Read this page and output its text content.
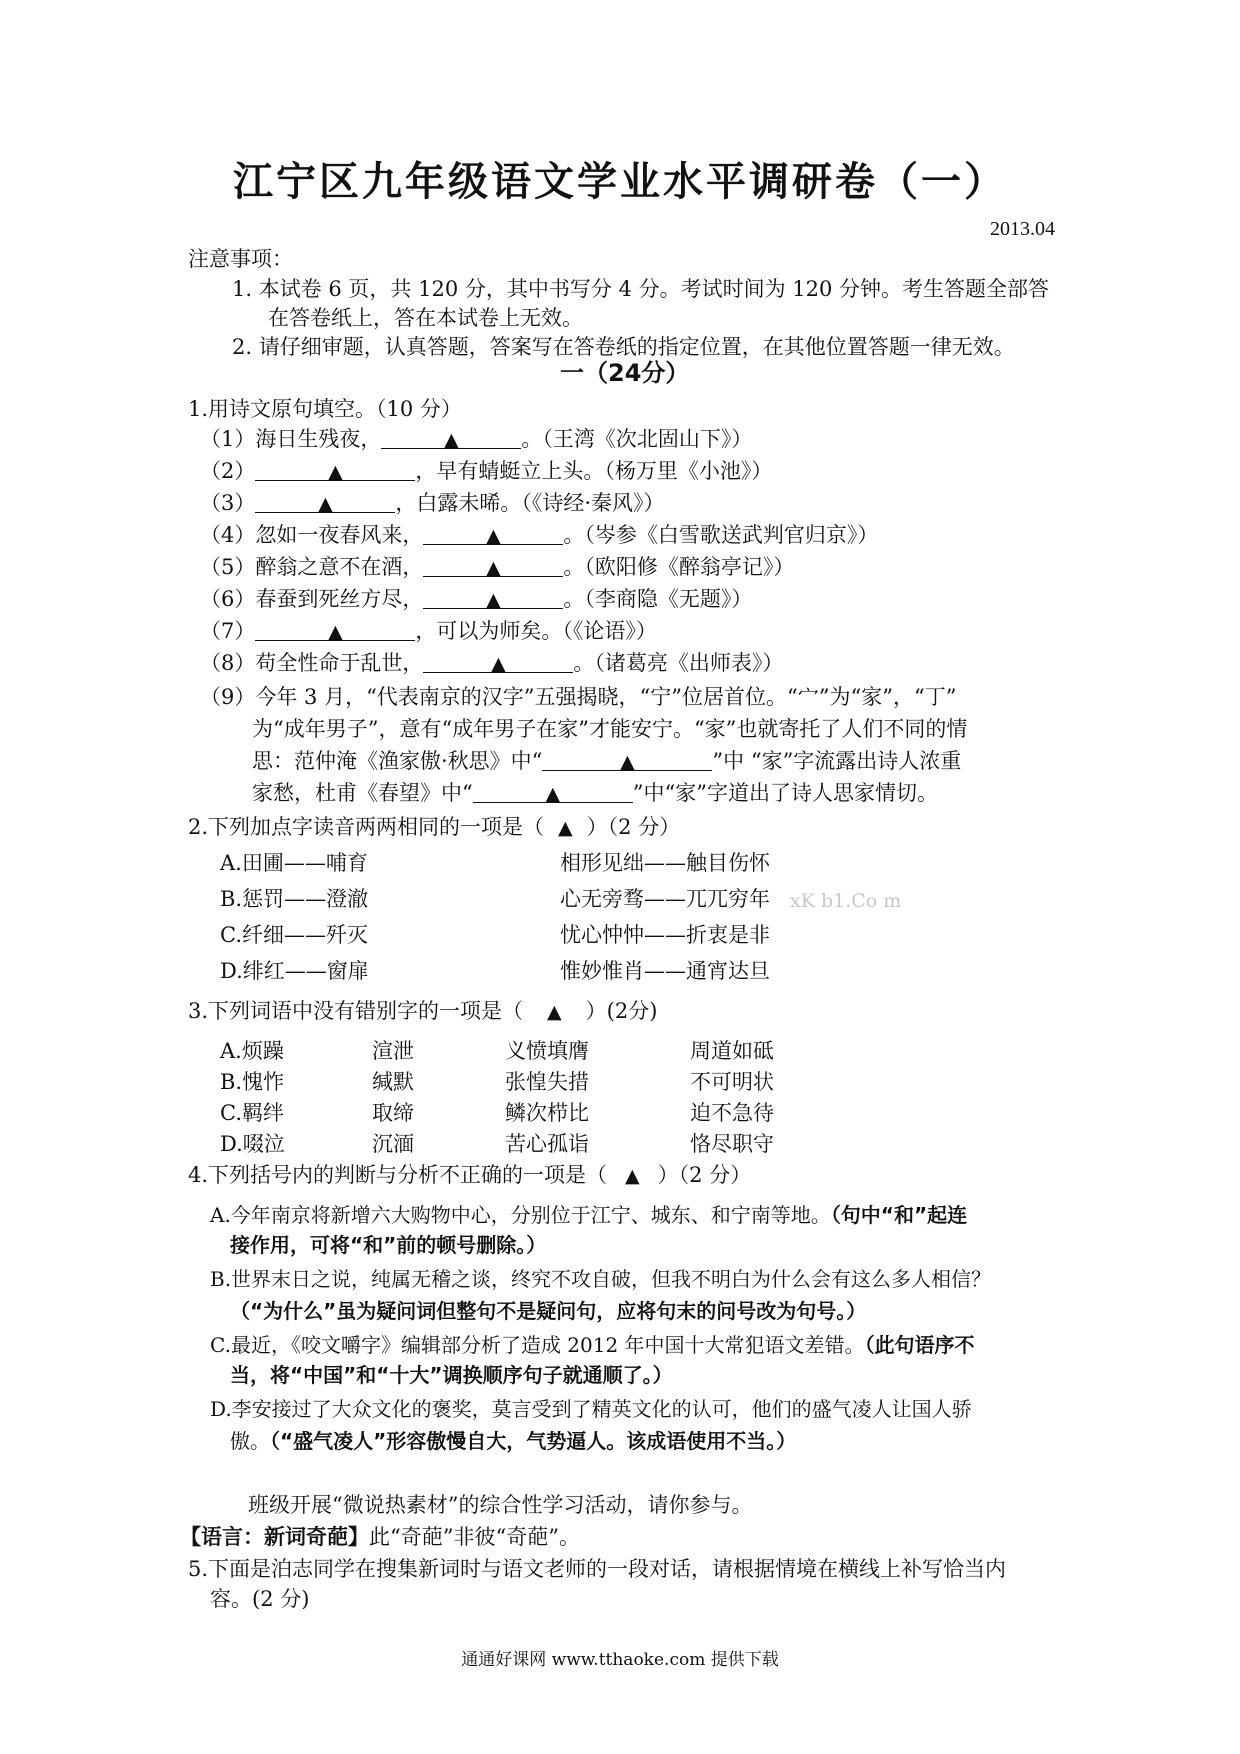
江宁区九年级语文学业水平调研卷（一）
2013.04
注意事项：
1. 本试卷 6 页，共 120 分，其中书写分 4 分。考试时间为 120 分钟。考生答题全部答
在答卷纸上，答在本试卷上无效。
2. 请仔细审题，认真答题，答案写在答卷纸的指定位置，在其他位置答题一律无效。
一（24分）
1.用诗文原句填空。（10 分）
（1）海日生残夜，	▲	。（王湾《次北固山下》）
（2）	▲	，早有蜻蜓立上头。（杨万里《小池》）
（3）	▲	，白露未晞。（《诗经·秦风》）
（4）忽如一夜春风来，	▲	。（岑参《白雪歌送武判官归京》）
（5）醉翁之意不在酒，	▲	。（欧阳修《醉翁亭记》）
（6）春蚕到死丝方尽，	▲	。（李商隐《无题》）
（7）	▲	，可以为师矣。（《论语》）
（8）苟全性命于乱世，	▲	。（诸葛亮《出师表》）
（9）今年 3 月，“代表南京的汉字”五强揭晓，“宁”位居首位。“宀”为“家”，“丁”
为“成年男子”，意有“成年男子在家”才能安宁。“家”也就寄托了人们不同的情
思：范仲淹《渔家傲·秋思》中“	▲	”中 “家”字流露出诗人浓重
家愁，杜甫《春望》中“	▲	”中“家”字道出了诗人思家情切。
2.下列加点字读音两两相同的一项是（ ▲ ）（2 分）
A.田圃——哺育	相形见绌——触目伤怀
B.惩罚——澄澈	心无旁骛——兀兀穷年 xK b1.Co m
C.纤细——歼灭	忧心忡忡——折衷是非
D.绯红——窗扉	惟妙惟肖——通宵达旦
3.下列词语中没有错别字的一项是（ ▲ ）(2分)
A.烦躁	渲泄	义愤填膺	周道如砥
B.愧怍	缄默	张惶失措	不可明状
C.羁绊	取缔	鳞次栉比	迫不急待
D.啜泣	沉湎	苦心孤诣	恪尽职守
4.下列括号内的判断与分析不正确的一项是（ ▲ ）（2 分）
A.今年南京将新增六大购物中心，分别位于江宁、城东、和宁南等地。（句中“和”起连
接作用，可将“和”前的顿号删除。）
B.世界末日之说，纯属无稽之谈，终究不攻自破，但我不明白为什么会有这么多人相信？
（“为什么”虽为疑问词但整句不是疑问句，应将句末的问号改为句号。）
C.最近，《咬文嚼字》编辑部分析了造成 2012 年中国十大常犯语文差错。（此句语序不
当，将“中国”和“十大”调换顺序句子就通顺了。）
D.李安接过了大众文化的褒奖，莫言受到了精英文化的认可，他们的盛气凌人让国人骄
傲。（“盛气凌人”形容傲慢自大，气势逼人。该成语使用不当。）
班级开展“微说热素材”的综合性学习活动，请你参与。
【语言：新词奇葩】此“奇葩”非彼“奇葩”。
5.下面是泊志同学在搜集新词时与语文老师的一段对话，请根据情境在横线上补写恰当内
容。(2 分)
通通好课网 www.tthaoke.com 提供下载
